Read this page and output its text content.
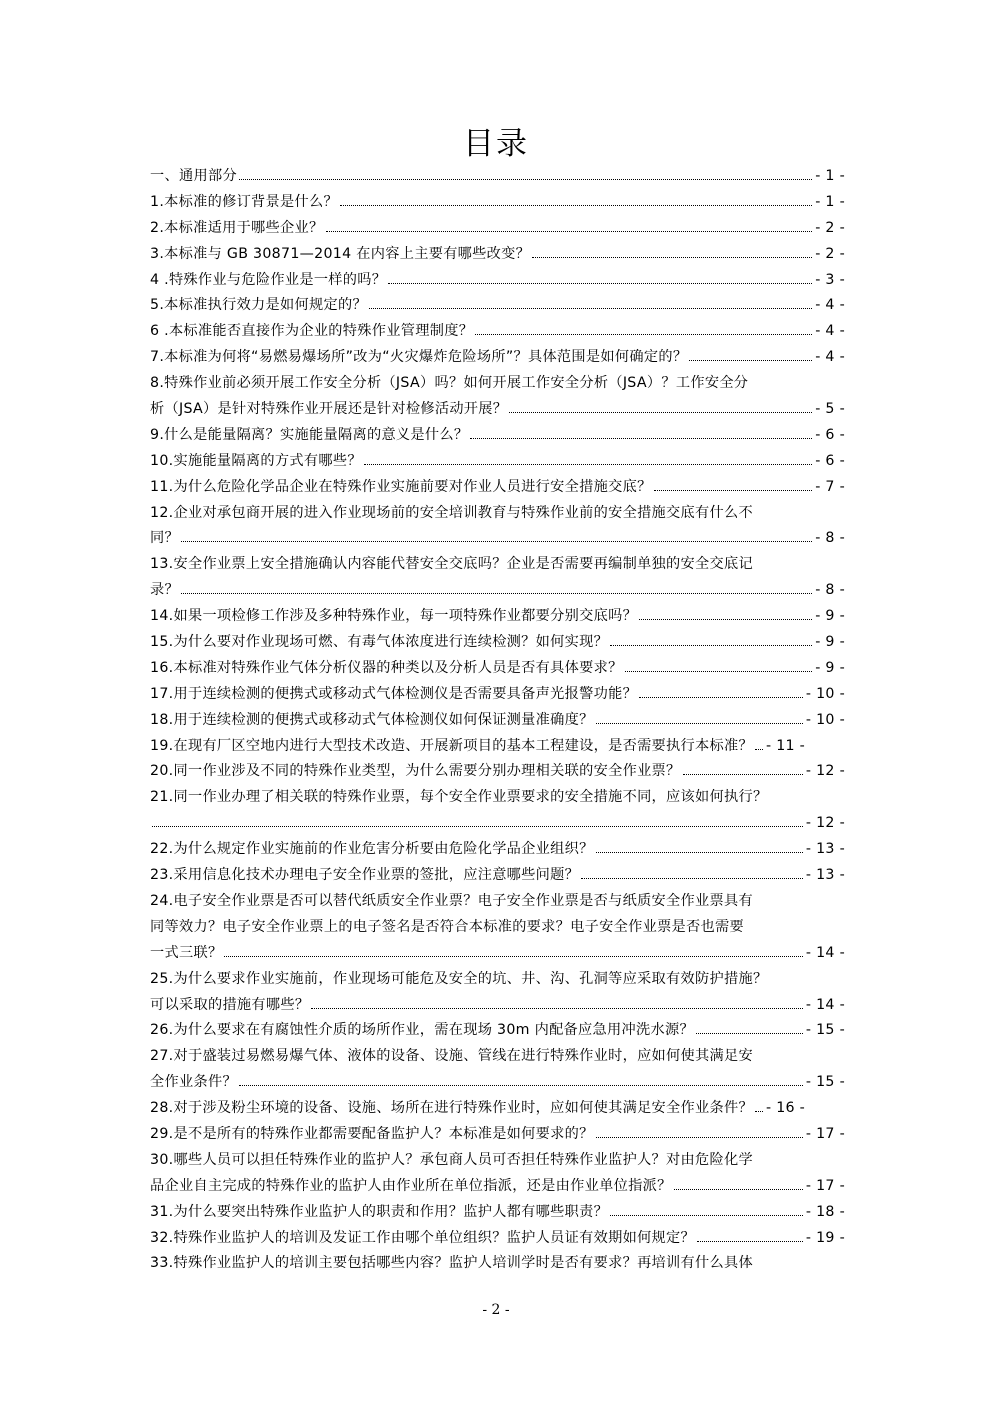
目录
一、通用部分	- 1 -
1.本标准的修订背景是什么？	- 1 -
2.本标准适用于哪些企业？	- 2 -
3.本标准与 GB 30871—2014 在内容上主要有哪些改变？	- 2 -
4 .特殊作业与危险作业是一样的吗？	- 3 -
5.本标准执行效力是如何规定的？	- 4 -
6 .本标准能否直接作为企业的特殊作业管理制度？	- 4 -
7.本标准为何将“易燃易爆场所”改为“火灾爆炸危险场所”？具体范围是如何确定的？	- 4 -
8.特殊作业前必须开展工作安全分析（JSA）吗？如何开展工作安全分析（JSA）？工作安全分
析（JSA）是针对特殊作业开展还是针对检修活动开展？	- 5 -
9.什么是能量隔离？实施能量隔离的意义是什么？	- 6 -
10.实施能量隔离的方式有哪些？	- 6 -
11.为什么危险化学品企业在特殊作业实施前要对作业人员进行安全措施交底？	- 7 -
12.企业对承包商开展的进入作业现场前的安全培训教育与特殊作业前的安全措施交底有什么不
同？	- 8 -
13.安全作业票上安全措施确认内容能代替安全交底吗？企业是否需要再编制单独的安全交底记
录？	- 8 -
14.如果一项检修工作涉及多种特殊作业，每一项特殊作业都要分别交底吗？	- 9 -
15.为什么要对作业现场可燃、有毒气体浓度进行连续检测？如何实现？	- 9 -
16.本标准对特殊作业气体分析仪器的种类以及分析人员是否有具体要求？	- 9 -
17.用于连续检测的便携式或移动式气体检测仪是否需要具备声光报警功能？	- 10 -
18.用于连续检测的便携式或移动式气体检测仪如何保证测量准确度？	- 10 -
19.在现有厂区空地内进行大型技术改造、开展新项目的基本工程建设，是否需要执行本标准？ - 11 -
20.同一作业涉及不同的特殊作业类型，为什么需要分别办理相关联的安全作业票？	- 12 -
21.同一作业办理了相关联的特殊作业票，每个安全作业票要求的安全措施不同，应该如何执行？
- 12 -
22.为什么规定作业实施前的作业危害分析要由危险化学品企业组织？	- 13 -
23.采用信息化技术办理电子安全作业票的签批，应注意哪些问题？	- 13 -
24.电子安全作业票是否可以替代纸质安全作业票？电子安全作业票是否与纸质安全作业票具有
同等效力？电子安全作业票上的电子签名是否符合本标准的要求？电子安全作业票是否也需要
一式三联？	- 14 -
25.为什么要求作业实施前，作业现场可能危及安全的坑、井、沟、孔洞等应采取有效防护措施？
可以采取的措施有哪些？	- 14 -
26.为什么要求在有腐蚀性介质的场所作业，需在现场 30m 内配备应急用冲洗水源？	- 15 -
27.对于盛装过易燃易爆气体、液体的设备、设施、管线在进行特殊作业时，应如何使其满足安
全作业条件？	- 15 -
28.对于涉及粉尘环境的设备、设施、场所在进行特殊作业时，应如何使其满足安全作业条件？ - 16 -
29.是不是所有的特殊作业都需要配备监护人？本标准是如何要求的？	- 17 -
30.哪些人员可以担任特殊作业的监护人？承包商人员可否担任特殊作业监护人？对由危险化学
品企业自主完成的特殊作业的监护人由作业所在单位指派，还是由作业单位指派？	- 17 -
31.为什么要突出特殊作业监护人的职责和作用？监护人都有哪些职责？	- 18 -
32.特殊作业监护人的培训及发证工作由哪个单位组织？监护人员证有效期如何规定？	- 19 -
33.特殊作业监护人的培训主要包括哪些内容？监护人培训学时是否有要求？再培训有什么具体
- 2 -
